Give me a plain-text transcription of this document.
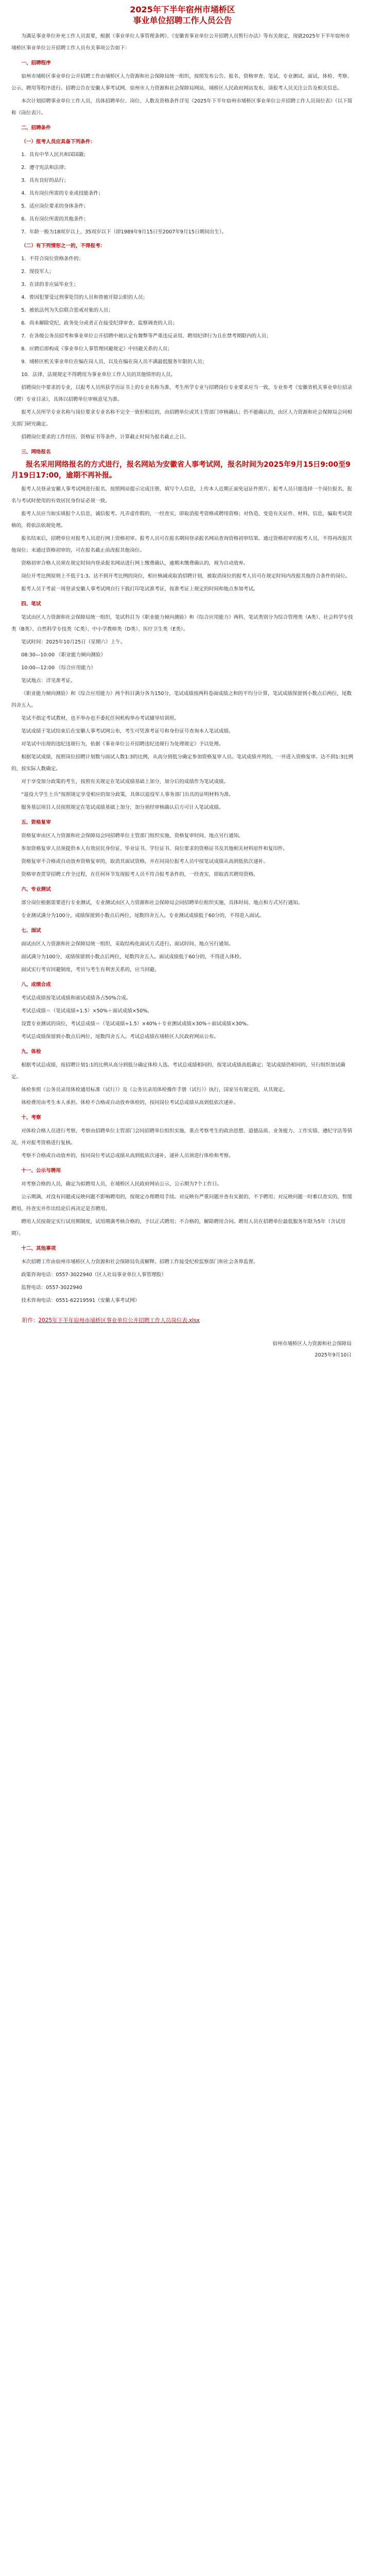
2025年下半年宿州市埇桥区
事业单位招聘工作人员公告

为满足事业单位补充工作人员需要，根据《事业单位人事管理条例》、《安徽省事业单位公开招聘人员暂行办法》等有关规定，现就2025年下半年宿州市埇桥区事业单位公开招聘工作人员有关事项公告如下：

一、招聘程序

宿州市埇桥区事业单位公开招聘工作由埇桥区人力资源和社会保障局统一组织，按照发布公告、报名、资格审查、笔试、专业测试、面试、体检、考察、公示、聘用等程序进行。招聘公告在安徽人事考试网、宿州市人力资源和社会保障局网站、埇桥区人民政府网站发布，请报考人员关注公告及相关信息。

本次计划招聘事业单位工作人员，具体招聘单位、岗位、人数及资格条件详见《2025年下半年宿州市埇桥区事业单位公开招聘工作人员岗位表》（以下简称《岗位表》）。

二、招聘条件

（一）报考人员应具备下列条件：

1．具有中华人民共和国国籍；

2．遵守宪法和法律；

3．具有良好的品行；

4．具有岗位所需的专业或技能条件；

5．适应岗位要求的身体条件；

6．具有岗位所需的其他条件；

7．年龄一般为18周岁以上、35周岁以下（即1989年9月15日至2007年9月15日期间出生）。

（二）有下列情形之一的，不得报考：

1．不符合岗位资格条件的；

2．现役军人；

3．在读的非应届毕业生；

4．曾因犯罪受过刑事处罚的人员和曾被开除公职的人员；

5．被依法列为失信联合惩戒对象的人员；

6．尚未解除党纪、政务处分或者正在接受纪律审查、监察调查的人员；

7．在各级公务员招考和事业单位公开招聘中被认定有舞弊等严重违反录用、聘用纪律行为且在禁考期限内的人员；

8．应聘后即构成《事业单位人事管理回避规定》中回避关系的人员；

9．埇桥区机关事业单位在编在岗人员，以及在编在岗人员不满最低服务年限的人员；

10．法律、法规规定不得聘用为事业单位工作人员的其他情形的人员。

招聘岗位中要求的专业，以报考人员所获学历证书上的专业名称为准，考生所学专业与招聘岗位专业要求应当一致，专业参考《安徽省机关事业单位招录（聘）专业目录》，具体以招聘单位审核意见为准。

报考人员所学专业名称与岗位要求专业名称不完全一致但相近的，由招聘单位或其主管部门审核确认；仍不能确认的，由区人力资源和社会保障局会同相关部门研究确定。

招聘岗位要求的工作经历、资格证书等条件，计算截止时间为报名截止之日。

三、网络报名

报名采用网络报名的方式进行，报名网站为安徽省人事考试网，报名时间为2025年9月15日9:00至9月19日17:00，逾期不再补报。

报考人员登录安徽人事考试网进行报名，按照网站提示完成注册，填写个人信息，上传本人近期正面免冠证件照片。报考人员只能选择一个岗位报名，报名与考试时使用的有效居民身份证必须一致。

报考人员应当如实填报个人信息，诚信报考。凡弄虚作假的，一经查实，即取消报考资格或聘用资格；对伪造、变造有关证件、材料、信息，骗取考试资格的，将依法依规处理。

报名结束后，招聘单位对报考人员进行网上资格初审。报考人员可在报名期间登录报名网站查询资格初审结果。通过资格初审的报考人员，不得再改报其他岗位；未通过资格初审的，可在报名截止前改报其他岗位。

资格初审合格人员须在规定时间内登录报名网站进行网上缴费确认，逾期未缴费确认的，视为自动放弃。

岗位开考比例原则上不低于1:3。达不到开考比例的岗位，相应核减或取消招聘计划，被取消岗位的报考人员可在规定时间内改报其他符合条件的岗位。

报考人员于考前一周登录安徽人事考试网自行下载打印笔试准考证，按准考证上规定的时间和地点参加考试。

四、笔试

笔试由区人力资源和社会保障局统一组织，笔试科目为《职业能力倾向测验》和《综合应用能力》两科，笔试类别分为综合管理类（A类）、社会科学专技类（B类）、自然科学专技类（C类）、中小学教师类（D类）、医疗卫生类（E类）。

笔试时间：2025年10月25日（星期六）上午。

08:30—10:00 《职业能力倾向测验》

10:00—12:00 《综合应用能力》

笔试地点：详见准考证。

《职业能力倾向测验》和《综合应用能力》两个科目满分各为150分，笔试成绩按两科卷面成绩之和的平均分计算，笔试成绩保留到小数点后两位，尾数四舍五入。

笔试不指定考试教材，也不举办也不委托任何机构举办考试辅导培训班。

笔试成绩于笔试结束后在安徽人事考试网公布，考生可凭准考证号和身份证号查询本人笔试成绩。

对笔试中出现的违纪违规行为，依据《事业单位公开招聘违纪违规行为处理规定》予以处理。

根据笔试成绩，按照岗位招聘计划数与面试人数1:3的比例，从高分到低分确定参加资格复审人员。笔试成绩并列的，一并进入资格复审。达不到1:3比例的，按实际人数确定。

对于享受加分政策的考生，按照有关规定在笔试成绩基础上加分，加分后的成绩作为笔试成绩。

“退役大学生士兵”按照规定享受相应的加分政策，具体以退役军人事务部门出具的证明材料为准。

服务基层项目人员按照规定在笔试成绩基础上加分，加分须经审核确认后方可计入笔试成绩。

五、资格复审

资格复审由区人力资源和社会保障局会同招聘单位主管部门组织实施，资格复审时间、地点另行通知。

参加资格复审人员须提供本人有效居民身份证、毕业证书、学位证书、岗位要求的资格证书及其他相关材料原件和复印件。

资格复审不合格或自动放弃资格复审的，取消其面试资格，并在同岗位报考人员中按笔试成绩从高到低依次递补。

资格审查贯穿招聘工作全过程，在任何环节发现报考人员不符合报考条件的，一经查实，即取消其聘用资格。

六、专业测试

部分岗位根据需要进行专业测试，专业测试由区人力资源和社会保障局会同招聘单位组织实施，具体时间、地点和方式另行通知。

专业测试满分为100分，成绩保留到小数点后两位，尾数四舍五入。专业测试成绩低于60分的，不得进入面试。

七、面试

面试由区人力资源和社会保障局统一组织，采取结构化面试方式进行。面试时间、地点另行通知。

面试满分为100分，成绩保留到小数点后两位，尾数四舍五入。面试成绩低于60分的，不得进入体检。

面试实行考官回避制度，考官与考生有利害关系的，应当回避。

八、成绩合成

考试总成绩按笔试成绩和面试成绩各占50%合成。

考试总成绩＝（笔试成绩÷1.5）×50%＋面试成绩×50%。

设置专业测试的岗位，考试总成绩＝（笔试成绩÷1.5）×40%＋专业测试成绩×30%＋面试成绩×30%。

考试总成绩保留到小数点后两位，尾数四舍五入。考试总成绩在埇桥区人民政府网站公布。

九、体检

根据考试总成绩，按招聘计划1:1的比例从高分到低分确定体检人选。考试总成绩相同的，按笔试成绩高低确定；笔试成绩仍相同的，另行组织加试确定。

体检参照《公务员录用体检通用标准（试行）》及《公务员录用体检操作手册（试行）》执行，国家另有规定的，从其规定。

体检费用由考生本人承担。体检不合格或自动放弃体检的，按同岗位考试总成绩从高到低依次递补。

十、考察

对体检合格人员进行考察，考察由招聘单位主管部门会同招聘单位组织实施，重点考察考生的政治思想、道德品质、业务能力、工作实绩、遵纪守法等情况，并对报考资格进行复核。

考察不合格或自动放弃的，按同岗位考试总成绩从高到低依次递补，递补人员须进行体检和考察。

十一、公示与聘用

对考察合格的人员，确定为拟聘用人员，在埇桥区人民政府网站公示，公示期为7个工作日。

公示期满，对没有问题或反映问题不影响聘用的，按规定办理聘用手续。对反映有严重问题并查有实据的，不予聘用；对反映问题一时难以查实的，暂缓聘用，待查实并作出结论后再决定是否聘用。

聘用人员按规定实行试用期制度，试用期满考核合格的，予以正式聘用；不合格的，解除聘用合同。聘用人员在招聘单位最低服务年限为5年（含试用期）。

十二、其他事项

本次招聘工作由宿州市埇桥区人力资源和社会保障局负责解释。招聘工作接受纪检监察部门和社会各界监督。

政策咨询电话：0557-3022940（区人社局事业单位人事管理股）

监督电话：0557-3022940

技术咨询电话：0551-62219591（安徽人事考试网）

附件：2025年下半年宿州市埇桥区事业单位公开招聘工作人员岗位表.xlsx
宿州市埇桥区人力资源和社会保障局
2025年9月10日
